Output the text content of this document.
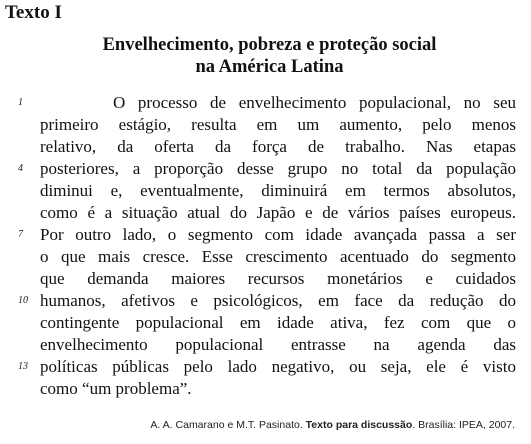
Texto I
Envelhecimento, pobreza e proteção social
na América Latina
1
4
7
10
13
O processo de envelhecimento populacional, no seu
primeiro estágio, resulta em um aumento, pelo menos
relativo, da oferta da força de trabalho. Nas etapas
posteriores, a proporção desse grupo no total da população
diminui e, eventualmente, diminuirá em termos absolutos,
como é a situação atual do Japão e de vários países europeus.
Por outro lado, o segmento com idade avançada passa a ser
o que mais cresce. Esse crescimento acentuado do segmento
que demanda maiores recursos monetários e cuidados
humanos, afetivos e psicológicos, em face da redução do
contingente populacional em idade ativa, fez com que o
envelhecimento populacional entrasse na agenda das
políticas públicas pelo lado negativo, ou seja, ele é visto
como “um problema”.
A. A. Camarano e M.T. Pasinato. Texto para discussão. Brasília: IPEA, 2007.
